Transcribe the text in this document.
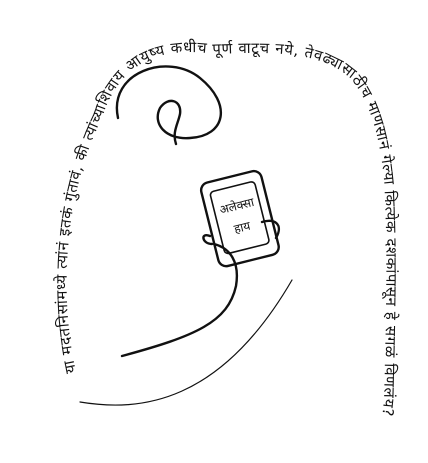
अलेक्सा
हाय
या मदतनिसांमध्ये त्यांनं इतकं गुंतावं, की त्यांच्याशिवाय आयुष्य कधीच पूर्ण वाटूच नये, तेवढ्यासाठीच माणसानं गेल्या कित्येक दशकांपासून हे सगळं विणलंय?
